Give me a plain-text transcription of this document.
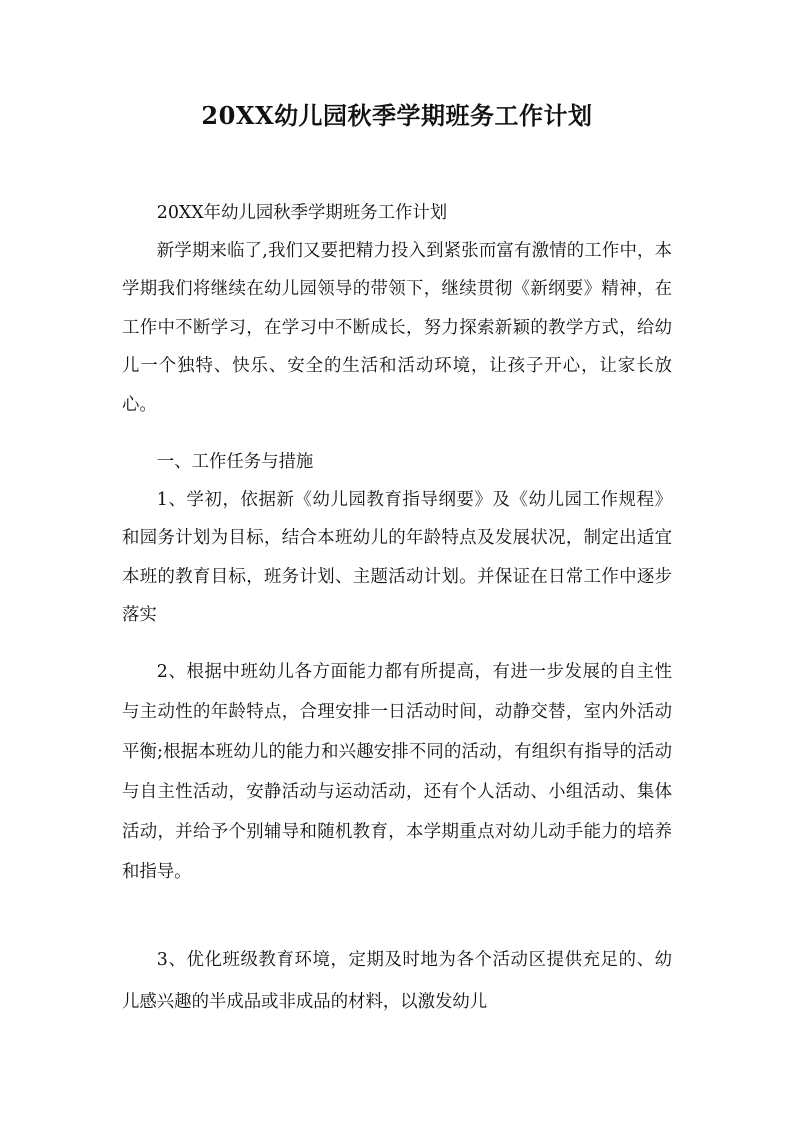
20XX幼儿园秋季学期班务工作计划

20XX年幼儿园秋季学期班务工作计划

新学期来临了,我们又要把精力投入到紧张而富有激情的工作中，本学期我们将继续在幼儿园领导的带领下，继续贯彻《新纲要》精神，在工作中不断学习，在学习中不断成长，努力探索新颖的教学方式，给幼儿一个独特、快乐、安全的生活和活动环境，让孩子开心，让家长放心。

一、工作任务与措施

1、学初，依据新《幼儿园教育指导纲要》及《幼儿园工作规程》和园务计划为目标，结合本班幼儿的年龄特点及发展状况，制定出适宜本班的教育目标，班务计划、主题活动计划。并保证在日常工作中逐步落实

2、根据中班幼儿各方面能力都有所提高，有进一步发展的自主性与主动性的年龄特点，合理安排一日活动时间，动静交替，室内外活动平衡;根据本班幼儿的能力和兴趣安排不同的活动，有组织有指导的活动与自主性活动，安静活动与运动活动，还有个人活动、小组活动、集体活动，并给予个别辅导和随机教育，本学期重点对幼儿动手能力的培养和指导。

3、优化班级教育环境，定期及时地为各个活动区提供充足的、幼儿感兴趣的半成品或非成品的材料，以激发幼儿
